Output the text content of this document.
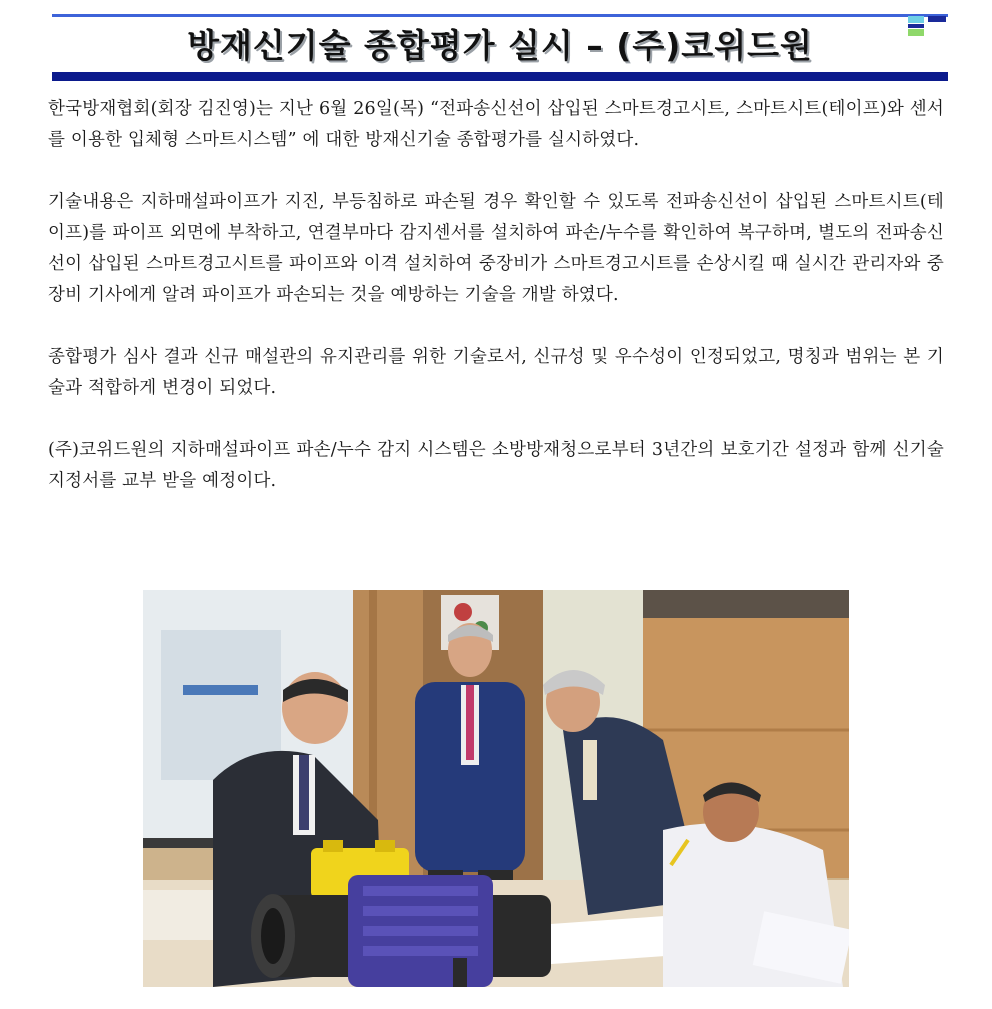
방재신기술 종합평가 실시 – (주)코위드원

한국방재협회(회장 김진영)는 지난 6월 26일(목) “전파송신선이 삽입된 스마트경고시트, 스마트시트(테이프)와 센서를 이용한 입체형 스마트시스템” 에 대한 방재신기술 종합평가를 실시하였다.

기술내용은 지하매설파이프가 지진, 부등침하로 파손될 경우 확인할 수 있도록 전파송신선이 삽입된 스마트시트(테이프)를 파이프 외면에 부착하고, 연결부마다 감지센서를 설치하여 파손/누수를 확인하여 복구하며, 별도의 전파송신선이 삽입된 스마트경고시트를 파이프와 이격 설치하여 중장비가 스마트경고시트를 손상시킬 때 실시간 관리자와 중장비 기사에게 알려 파이프가 파손되는 것을 예방하는 기술을 개발 하였다.

종합평가 심사 결과 신규 매설관의 유지관리를 위한 기술로서, 신규성 및 우수성이 인정되었고, 명칭과 범위는 본 기술과 적합하게 변경이 되었다.

(주)코위드원의 지하매설파이프 파손/누수 감지 시스템은 소방방재청으로부터 3년간의 보호기간 설정과 함께 신기술 지정서를 교부 받을 예정이다.
